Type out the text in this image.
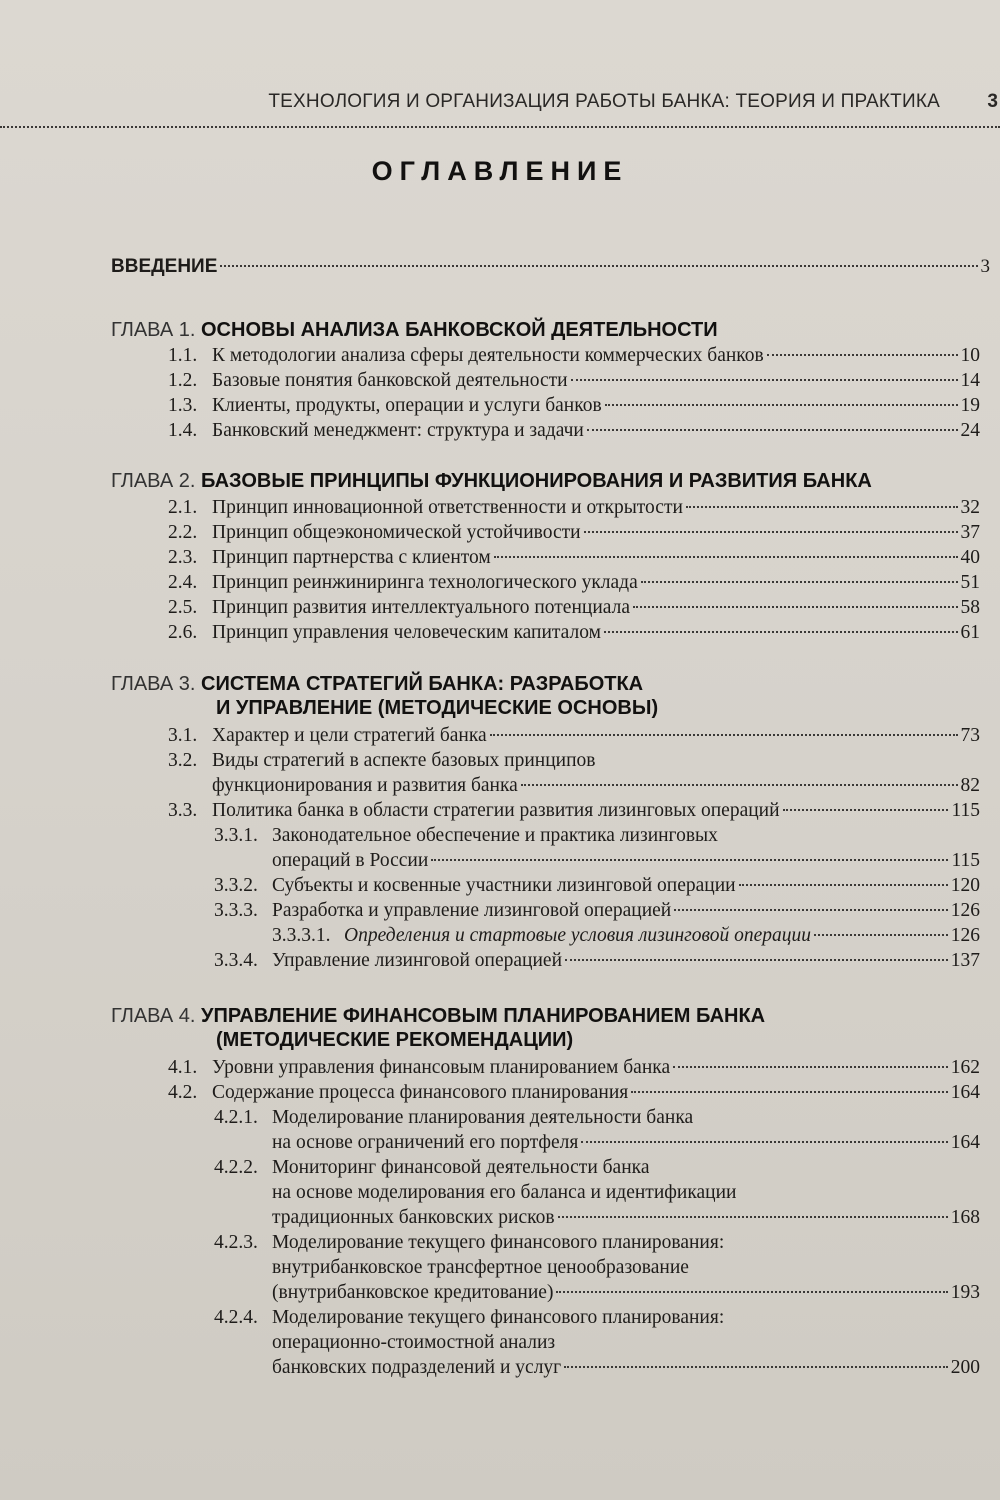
ТЕХНОЛОГИЯ И ОРГАНИЗАЦИЯ РАБОТЫ БАНКА: ТЕОРИЯ И ПРАКТИКА 3
ОГЛАВЛЕНИЕ
ВВЕДЕНИЕ	3
ГЛАВА 1. ОСНОВЫ АНАЛИЗА БАНКОВСКОЙ ДЕЯТЕЛЬНОСТИ
1.1. К методологии анализа сферы деятельности коммерческих банков	10
1.2. Базовые понятия банковской деятельности	14
1.3. Клиенты, продукты, операции и услуги банков	19
1.4. Банковский менеджмент: структура и задачи	24
ГЛАВА 2. БАЗОВЫЕ ПРИНЦИПЫ ФУНКЦИОНИРОВАНИЯ И РАЗВИТИЯ БАНКА
2.1. Принцип инновационной ответственности и открытости	32
2.2. Принцип общеэкономической устойчивости	37
2.3. Принцип партнерства с клиентом	40
2.4. Принцип реинжиниринга технологического уклада	51
2.5. Принцип развития интеллектуального потенциала	58
2.6. Принцип управления человеческим капиталом	61
ГЛАВА 3. СИСТЕМА СТРАТЕГИЙ БАНКА: РАЗРАБОТКА
И УПРАВЛЕНИЕ (МЕТОДИЧЕСКИЕ ОСНОВЫ)
3.1. Характер и цели стратегий банка	73
3.2. Виды стратегий в аспекте базовых принципов
функционирования и развития банка	82
3.3. Политика банка в области стратегии развития лизинговых операций	115
3.3.1. Законодательное обеспечение и практика лизинговых
операций в России	115
3.3.2. Субъекты и косвенные участники лизинговой операции	120
3.3.3. Разработка и управление лизинговой операцией	126
3.3.3.1. Определения и стартовые условия лизинговой операции	126
3.3.4. Управление лизинговой операцией	137
ГЛАВА 4. УПРАВЛЕНИЕ ФИНАНСОВЫМ ПЛАНИРОВАНИЕМ БАНКА
(МЕТОДИЧЕСКИЕ РЕКОМЕНДАЦИИ)
4.1. Уровни управления финансовым планированием банка	162
4.2. Содержание процесса финансового планирования	164
4.2.1. Моделирование планирования деятельности банка
на основе ограничений его портфеля	164
4.2.2. Мониторинг финансовой деятельности банка
на основе моделирования его баланса и идентификации
традиционных банковских рисков	168
4.2.3. Моделирование текущего финансового планирования:
внутрибанковское трансфертное ценообразование
(внутрибанковское кредитование)	193
4.2.4. Моделирование текущего финансового планирования:
операционно-стоимостной анализ
банковских подразделений и услуг	200
